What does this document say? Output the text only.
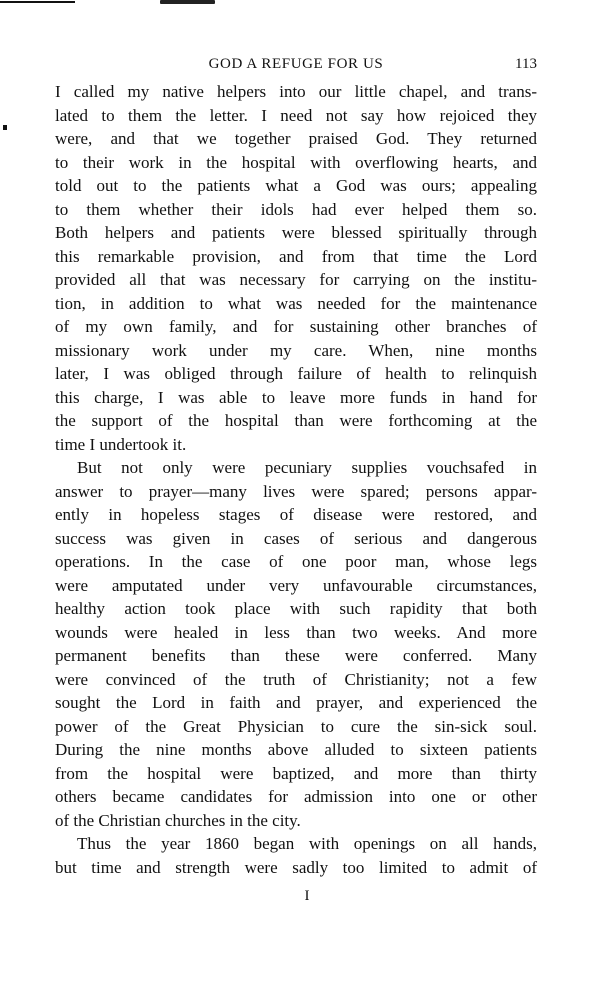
GOD A REFUGE FOR US	113
I called my native helpers into our little chapel, and trans-
lated to them the letter. I need not say how rejoiced they
were, and that we together praised God. They returned
to their work in the hospital with overflowing hearts, and
told out to the patients what a God was ours; appealing
to them whether their idols had ever helped them so.
Both helpers and patients were blessed spiritually through
this remarkable provision, and from that time the Lord
provided all that was necessary for carrying on the institu-
tion, in addition to what was needed for the maintenance
of my own family, and for sustaining other branches of
missionary work under my care. When, nine months
later, I was obliged through failure of health to relinquish
this charge, I was able to leave more funds in hand for
the support of the hospital than were forthcoming at the
time I undertook it.
But not only were pecuniary supplies vouchsafed in
answer to prayer—many lives were spared; persons appar-
ently in hopeless stages of disease were restored, and
success was given in cases of serious and dangerous
operations. In the case of one poor man, whose legs
were amputated under very unfavourable circumstances,
healthy action took place with such rapidity that both
wounds were healed in less than two weeks. And more
permanent benefits than these were conferred. Many
were convinced of the truth of Christianity; not a few
sought the Lord in faith and prayer, and experienced the
power of the Great Physician to cure the sin-sick soul.
During the nine months above alluded to sixteen patients
from the hospital were baptized, and more than thirty
others became candidates for admission into one or other
of the Christian churches in the city.
Thus the year 1860 began with openings on all hands,
but time and strength were sadly too limited to admit of
I
